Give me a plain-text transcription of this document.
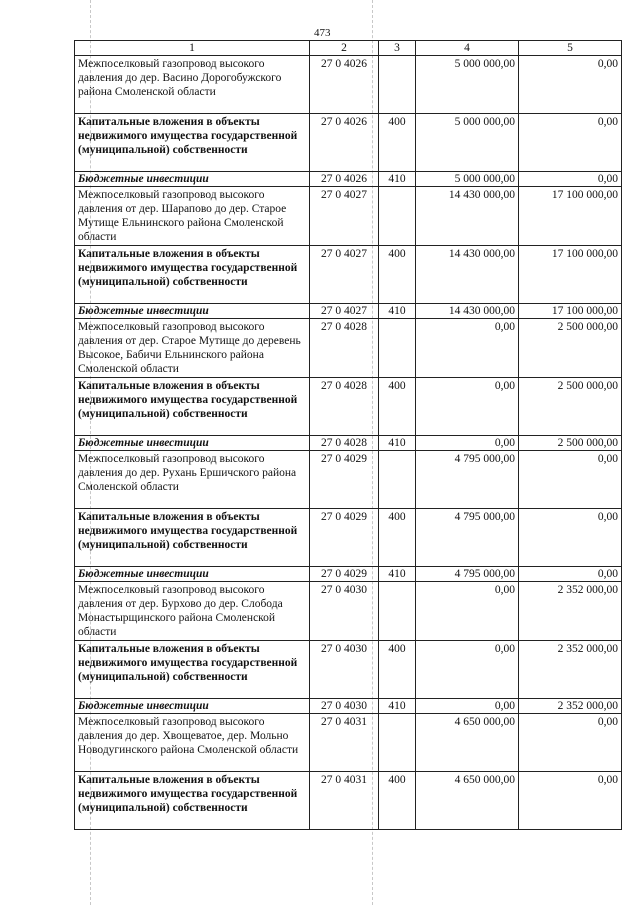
473
1	2	3	4	5
Межпоселковый газопровод высокого давления до дер. Васино Дорогобужского района Смоленской области	27 0 4026		5 000 000,00	0,00
Капитальные вложения в объекты недвижимого имущества государственной (муниципальной) собственности	27 0 4026	400	5 000 000,00	0,00
Бюджетные инвестиции	27 0 4026	410	5 000 000,00	0,00
Межпоселковый газопровод высокого давления от дер. Шарапово до дер. Старое Мутище Ельнинского района Смоленской области	27 0 4027		14 430 000,00	17 100 000,00
Капитальные вложения в объекты недвижимого имущества государственной (муниципальной) собственности	27 0 4027	400	14 430 000,00	17 100 000,00
Бюджетные инвестиции	27 0 4027	410	14 430 000,00	17 100 000,00
Межпоселковый газопровод высокого давления от дер. Старое Мутище до деревень Высокое, Бабичи Ельнинского района Смоленской области	27 0 4028		0,00	2 500 000,00
Капитальные вложения в объекты недвижимого имущества государственной (муниципальной) собственности	27 0 4028	400	0,00	2 500 000,00
Бюджетные инвестиции	27 0 4028	410	0,00	2 500 000,00
Межпоселковый газопровод высокого давления до дер. Рухань Ершичского района Смоленской области	27 0 4029		4 795 000,00	0,00
Капитальные вложения в объекты недвижимого имущества государственной (муниципальной) собственности	27 0 4029	400	4 795 000,00	0,00
Бюджетные инвестиции	27 0 4029	410	4 795 000,00	0,00
Межпоселковый газопровод высокого давления от дер. Бурхово до дер. Слобода Монастырщинского района Смоленской области	27 0 4030		0,00	2 352 000,00
Капитальные вложения в объекты недвижимого имущества государственной (муниципальной) собственности	27 0 4030	400	0,00	2 352 000,00
Бюджетные инвестиции	27 0 4030	410	0,00	2 352 000,00
Межпоселковый газопровод высокого давления до дер. Хвощеватое, дер. Мольно Новодугинского района Смоленской области	27 0 4031		4 650 000,00	0,00
Капитальные вложения в объекты недвижимого имущества государственной (муниципальной) собственности	27 0 4031	400	4 650 000,00	0,00
